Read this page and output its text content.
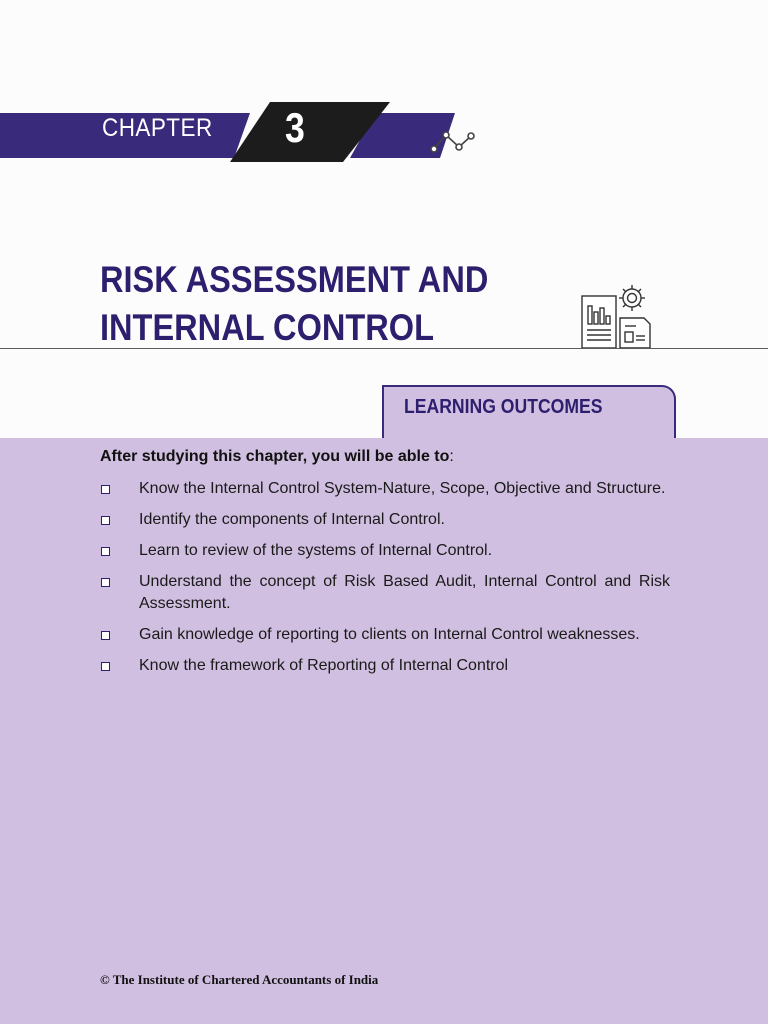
CHAPTER 3
RISK ASSESSMENT AND
INTERNAL CONTROL
LEARNING OUTCOMES
After studying this chapter, you will be able to:
Know the Internal Control System-Nature, Scope, Objective and Structure.
Identify the components of Internal Control.
Learn to review of the systems of Internal Control.
Understand the concept of Risk Based Audit, Internal Control and Risk Assessment.
Gain knowledge of reporting to clients on Internal Control weaknesses.
Know the framework of Reporting of Internal Control
© The Institute of Chartered Accountants of India
